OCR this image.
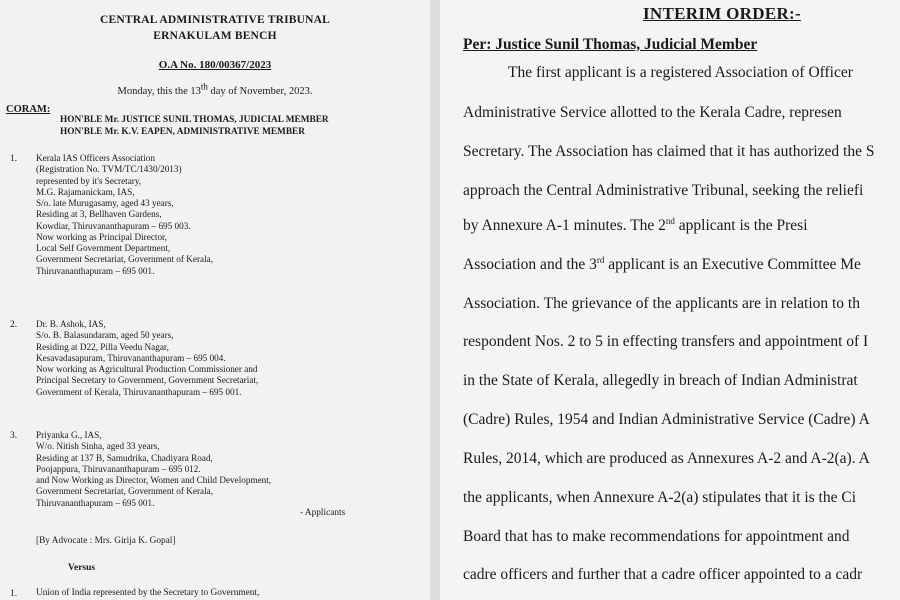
CENTRAL ADMINISTRATIVE TRIBUNAL
ERNAKULAM BENCH
O.A No. 180/00367/2023
Monday, this the 13th day of November, 2023.
CORAM:
HON'BLE Mr. JUSTICE SUNIL THOMAS, JUDICIAL MEMBER
HON'BLE Mr. K.V. EAPEN, ADMINISTRATIVE MEMBER
1. Kerala IAS Officers Association
(Registration No. TVM/TC/1430/2013)
represented by it's Secretary,
M.G. Rajamanickam, IAS,
S/o. late Murugasamy, aged 43 years,
Residing at 3, Bellhaven Gardens,
Kowdiar, Thiruvananthapuram – 695 003.
Now working as Principal Director,
Local Self Government Department,
Government Secretariat, Government of Kerala,
Thiruvananthapuram – 695 001.
2. Dr. B. Ashok, IAS,
S/o. B. Balasundaram, aged 50 years,
Residing at D22, Pilla Veedu Nagar,
Kesavadasapuram, Thiruvananthapuram – 695 004.
Now working as Agricultural Production Commissioner and
Principal Secretary to Government, Government Secretariat,
Government of Kerala, Thiruvananthapuram – 695 001.
3. Priyanka G., IAS,
W/o. Nitish Sinha, aged 33 years,
Residing at 137 B, Samudrika, Chadiyara Road,
Poojappura, Thiruvananthapuram – 695 012.
and Now Working as Director, Women and Child Development,
Government Secretariat, Government of Kerala,
Thiruvananthapuram – 695 001.
- Applicants
[By Advocate : Mrs. Girija K. Gopal]
Versus
1. Union of India represented by the Secretary to Government,
INTERIM ORDER:-
Per: Justice Sunil Thomas, Judicial Member
The first applicant is a registered Association of Officer
Administrative Service allotted to the Kerala Cadre, represen
Secretary. The Association has claimed that it has authorized the S
approach the Central Administrative Tribunal, seeking the reliefi
by Annexure A-1 minutes. The 2nd applicant is the Presi
Association and the 3rd applicant is an Executive Committee Me
Association. The grievance of the applicants are in relation to th
respondent Nos. 2 to 5 in effecting transfers and appointment of I
in the State of Kerala, allegedly in breach of Indian Administrat
(Cadre) Rules, 1954 and Indian Administrative Service (Cadre) A
Rules, 2014, which are produced as Annexures A-2 and A-2(a). A
the applicants, when Annexure A-2(a) stipulates that it is the Ci
Board that has to make recommendations for appointment and
cadre officers and further that a cadre officer appointed to a cadr
